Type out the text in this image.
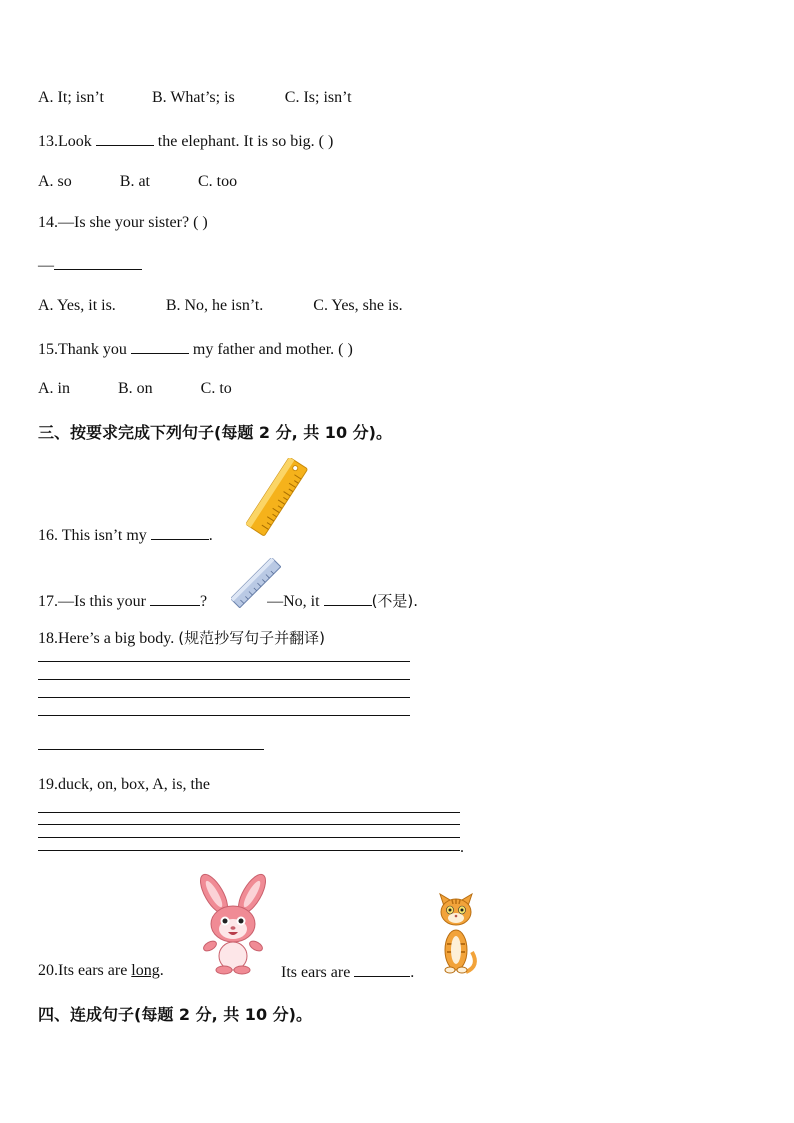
A. It; isn’t	B. What’s; is	C. Is; isn’t
13.Look	the elephant. It is so big. ( )
A. so	B. at	C. too
14.—Is she your sister? ( )
—
A. Yes, it is.	B. No, he isn’t.	C. Yes, she is.
15.Thank you	my father and mother. ( )
A. in	B. on	C. to
三、按要求完成下列句子(每题 2 分, 共 10 分)。
16. This isn’t my	.
17.—Is this your	?	—No, it	(不是).
18.Here’s a big body. (规范抄写句子并翻译)
19.duck, on, box, A, is, the
.
20.Its ears are long.	Its ears are	.
四、连成句子(每题 2 分, 共 10 分)。
